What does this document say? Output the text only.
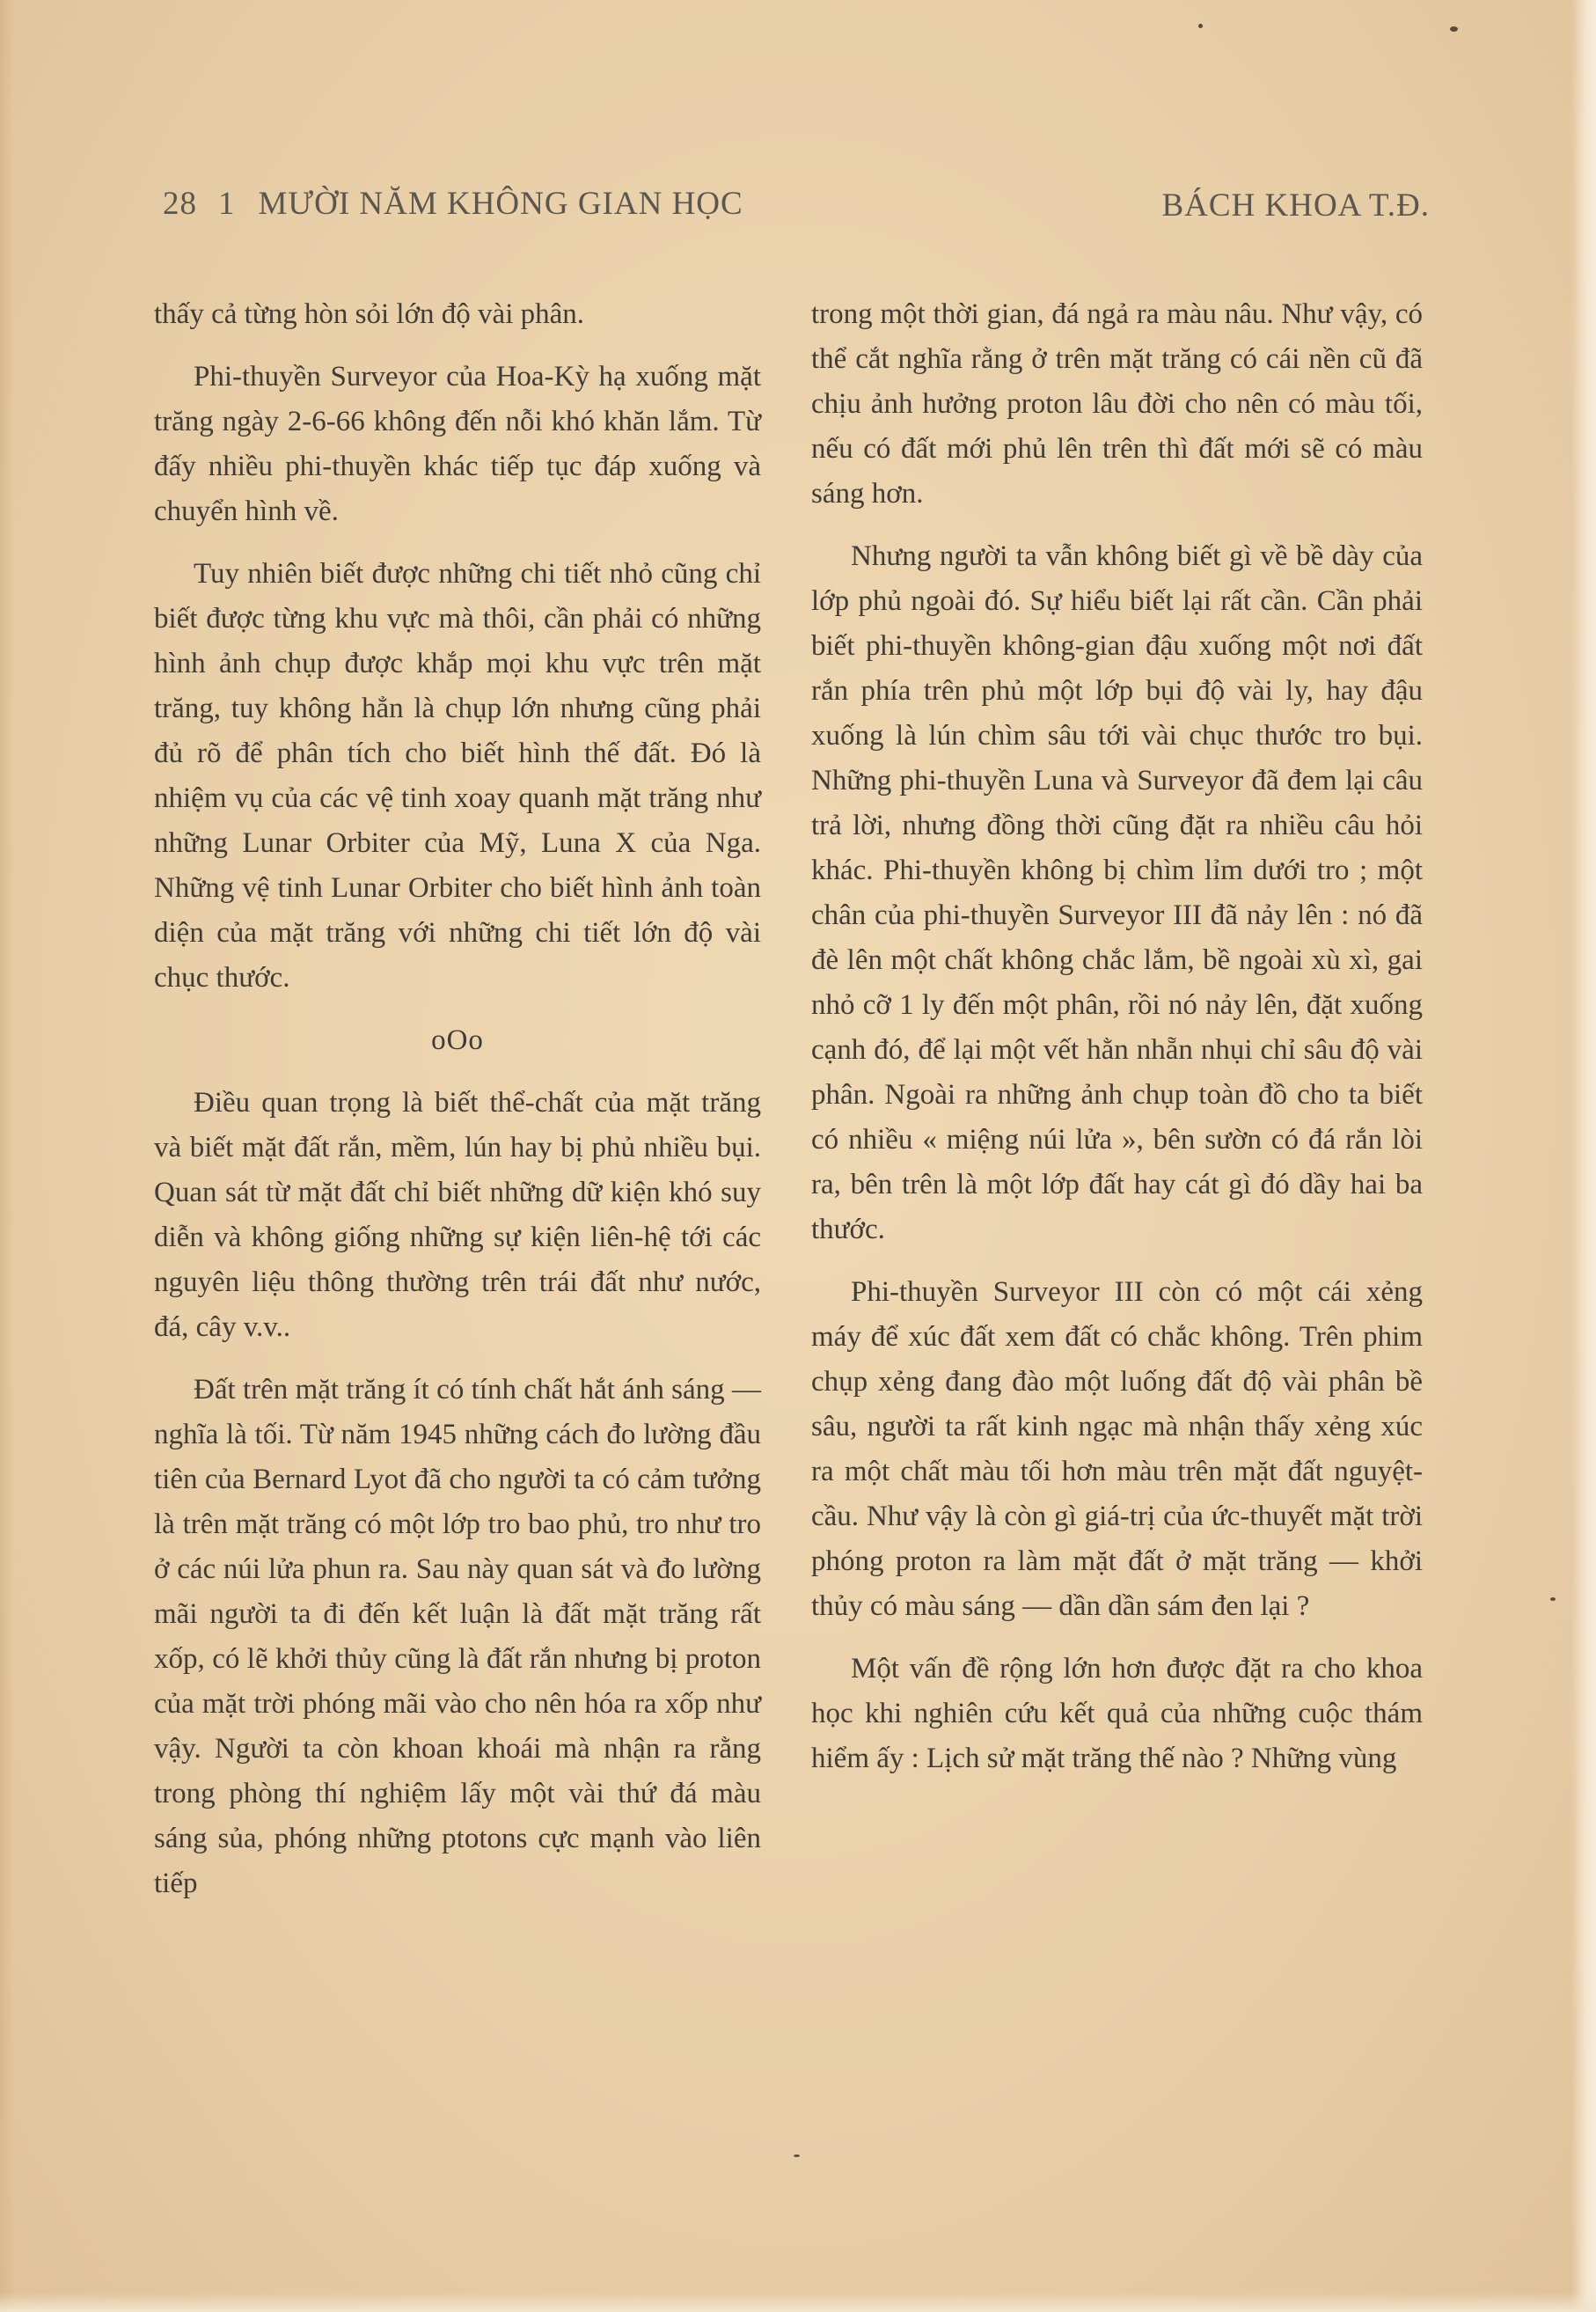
28 1 MƯỜI NĂM KHÔNG GIAN HỌC	BÁCH KHOA T.Đ.

thấy cả từng hòn sỏi lớn độ vài phân.

Phi-thuyền Surveyor của Hoa-Kỳ hạ xuống mặt trăng ngày 2-6-66 không đến nỗi khó khăn lắm. Từ đấy nhiều phi-thuyền khác tiếp tục đáp xuống và chuyển hình về.

Tuy nhiên biết được những chi tiết nhỏ cũng chỉ biết được từng khu vực mà thôi, cần phải có những hình ảnh chụp được khắp mọi khu vực trên mặt trăng, tuy không hẳn là chụp lớn nhưng cũng phải đủ rõ để phân tích cho biết hình thế đất. Đó là nhiệm vụ của các vệ tinh xoay quanh mặt trăng như những Lunar Orbiter của Mỹ, Luna X của Nga. Những vệ tinh Lunar Orbiter cho biết hình ảnh toàn diện của mặt trăng với những chi tiết lớn độ vài chục thước.

oOo

Điều quan trọng là biết thể-chất của mặt trăng và biết mặt đất rắn, mềm, lún hay bị phủ nhiều bụi. Quan sát từ mặt đất chỉ biết những dữ kiện khó suy diễn và không giống những sự kiện liên-hệ tới các nguyên liệu thông thường trên trái đất như nước, đá, cây v.v..

Đất trên mặt trăng ít có tính chất hắt ánh sáng — nghĩa là tối. Từ năm 1945 những cách đo lường đầu tiên của Bernard Lyot đã cho người ta có cảm tưởng là trên mặt trăng có một lớp tro bao phủ, tro như tro ở các núi lửa phun ra. Sau này quan sát và đo lường mãi người ta đi đến kết luận là đất mặt trăng rất xốp, có lẽ khởi thủy cũng là đất rắn nhưng bị proton của mặt trời phóng mãi vào cho nên hóa ra xốp như vậy. Người ta còn khoan khoái mà nhận ra rằng trong phòng thí nghiệm lấy một vài thứ đá màu sáng sủa, phóng những ptotons cực mạnh vào liên tiếp

trong một thời gian, đá ngả ra màu nâu. Như vậy, có thể cắt nghĩa rằng ở trên mặt trăng có cái nền cũ đã chịu ảnh hưởng proton lâu đời cho nên có màu tối, nếu có đất mới phủ lên trên thì đất mới sẽ có màu sáng hơn.

Nhưng người ta vẫn không biết gì về bề dày của lớp phủ ngoài đó. Sự hiểu biết lại rất cần. Cần phải biết phi-thuyền không-gian đậu xuống một nơi đất rắn phía trên phủ một lớp bụi độ vài ly, hay đậu xuống là lún chìm sâu tới vài chục thước tro bụi. Những phi-thuyền Luna và Surveyor đã đem lại câu trả lời, nhưng đồng thời cũng đặt ra nhiều câu hỏi khác. Phi-thuyền không bị chìm lỉm dưới tro ; một chân của phi-thuyền Surveyor III đã nảy lên : nó đã đè lên một chất không chắc lắm, bề ngoài xù xì, gai nhỏ cỡ 1 ly đến một phân, rồi nó nảy lên, đặt xuống cạnh đó, để lại một vết hằn nhẵn nhụi chỉ sâu độ vài phân. Ngoài ra những ảnh chụp toàn đồ cho ta biết có nhiều « miệng núi lửa », bên sườn có đá rắn lòi ra, bên trên là một lớp đất hay cát gì đó dầy hai ba thước.

Phi-thuyền Surveyor III còn có một cái xẻng máy để xúc đất xem đất có chắc không. Trên phim chụp xẻng đang đào một luống đất độ vài phân bề sâu, người ta rất kinh ngạc mà nhận thấy xẻng xúc ra một chất màu tối hơn màu trên mặt đất nguyệt-cầu. Như vậy là còn gì giá-trị của ức-thuyết mặt trời phóng proton ra làm mặt đất ở mặt trăng — khởi thủy có màu sáng — dần dần sám đen lại ?

Một vấn đề rộng lớn hơn được đặt ra cho khoa học khi nghiên cứu kết quả của những cuộc thám hiểm ấy : Lịch sử mặt trăng thế nào ? Những vùng
